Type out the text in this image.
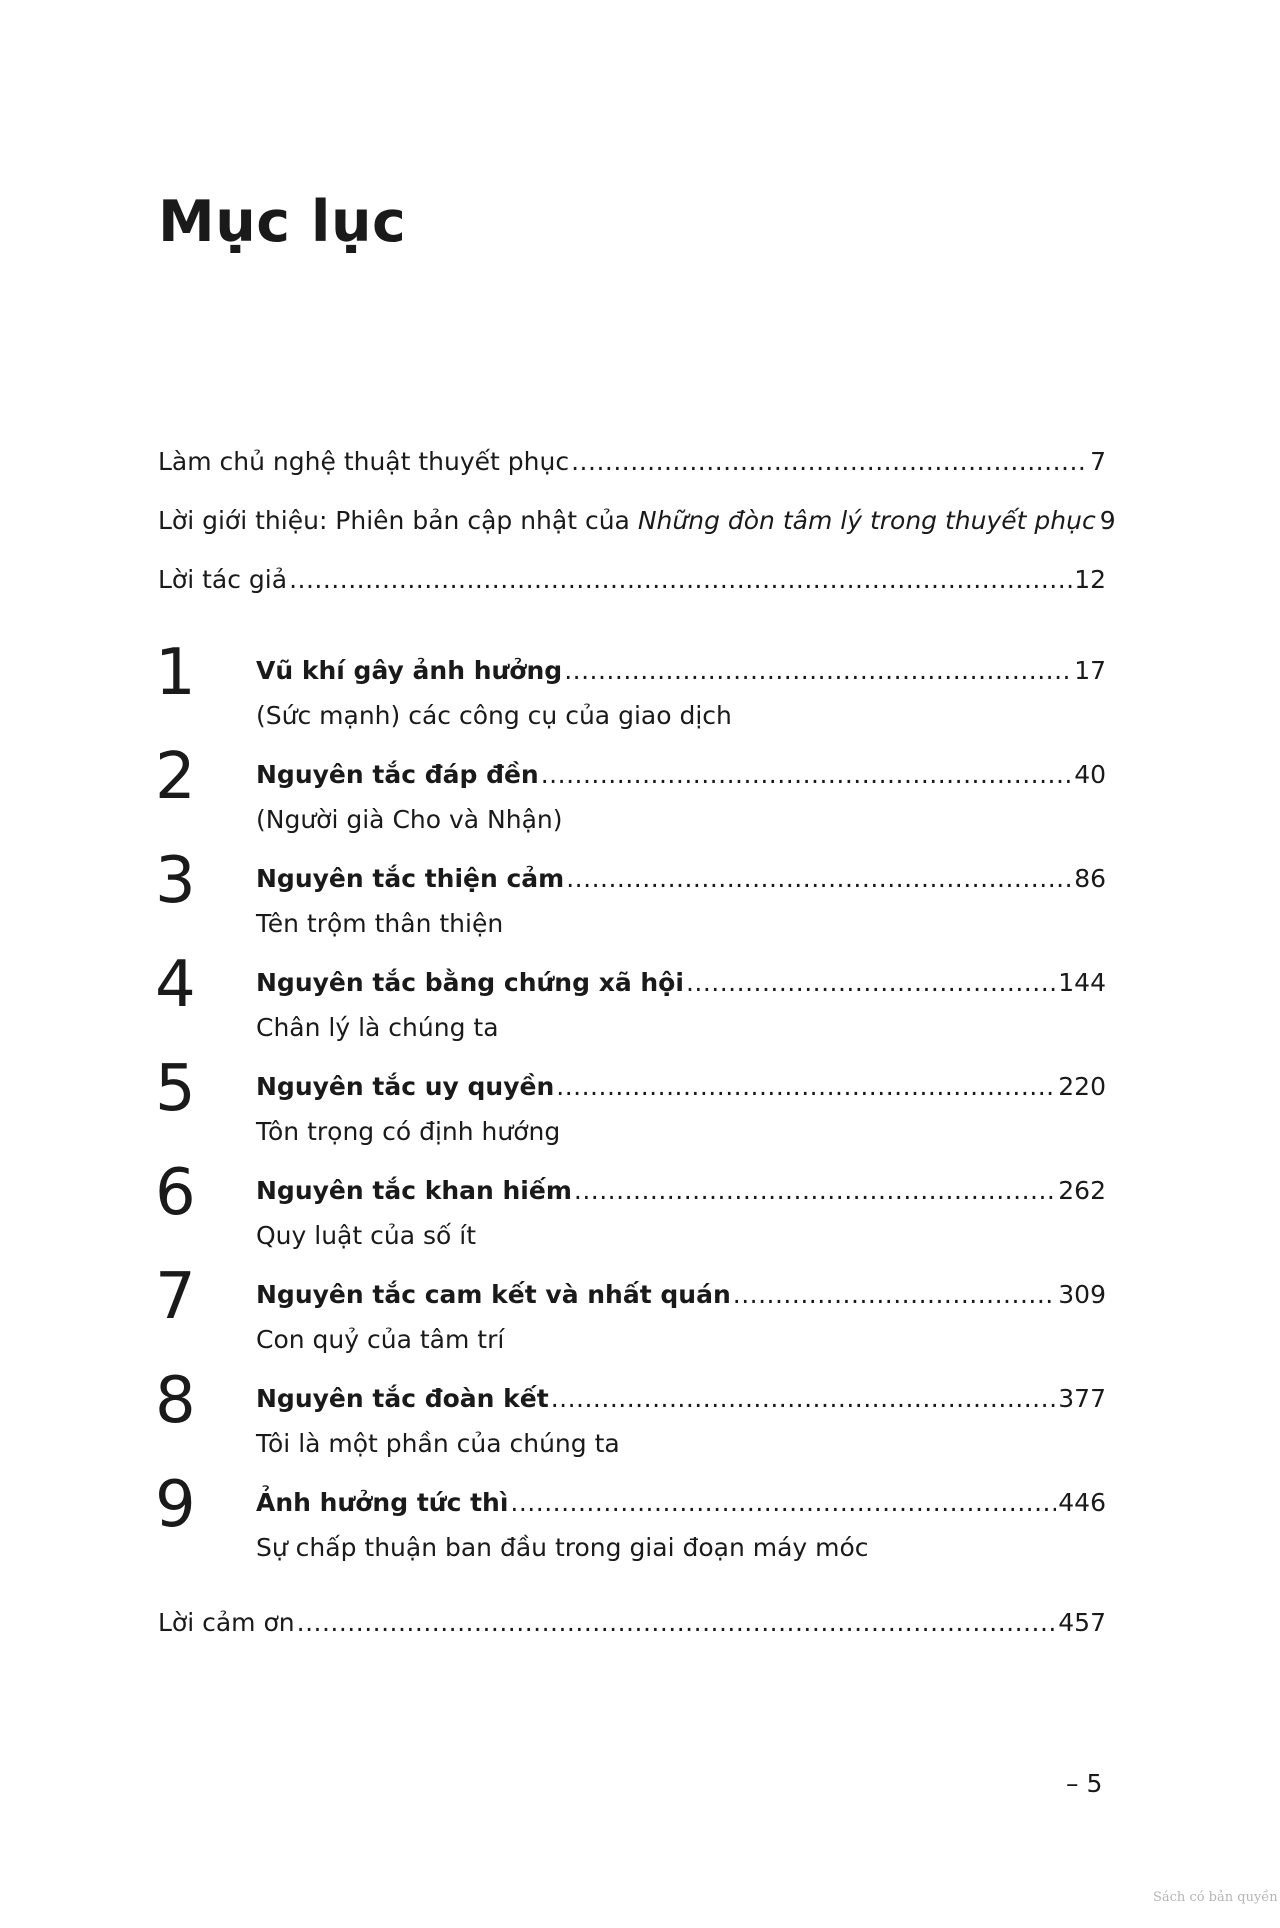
Mục lục
Làm chủ nghệ thuật thuyết phục .....	7
Lời giới thiệu: Phiên bản cập nhật của Những đòn tâm lý trong thuyết phục 9
Lời tác giả .....	12
1 Vũ khí gây ảnh hưởng .....	17
(Sức mạnh) các công cụ của giao dịch
2 Nguyên tắc đáp đền .....	40
(Người già Cho và Nhận)
3 Nguyên tắc thiện cảm .....	86
Tên trộm thân thiện
4 Nguyên tắc bằng chứng xã hội .....	144
Chân lý là chúng ta
5 Nguyên tắc uy quyền .....	220
Tôn trọng có định hướng
6 Nguyên tắc khan hiếm .....	262
Quy luật của số ít
7 Nguyên tắc cam kết và nhất quán .....	309
Con quỷ của tâm trí
8 Nguyên tắc đoàn kết .....	377
Tôi là một phần của chúng ta
9 Ảnh hưởng tức thì .....	446
Sự chấp thuận ban đầu trong giai đoạn máy móc
Lời cảm ơn .....	457
– 5
Sách có bản quyền
